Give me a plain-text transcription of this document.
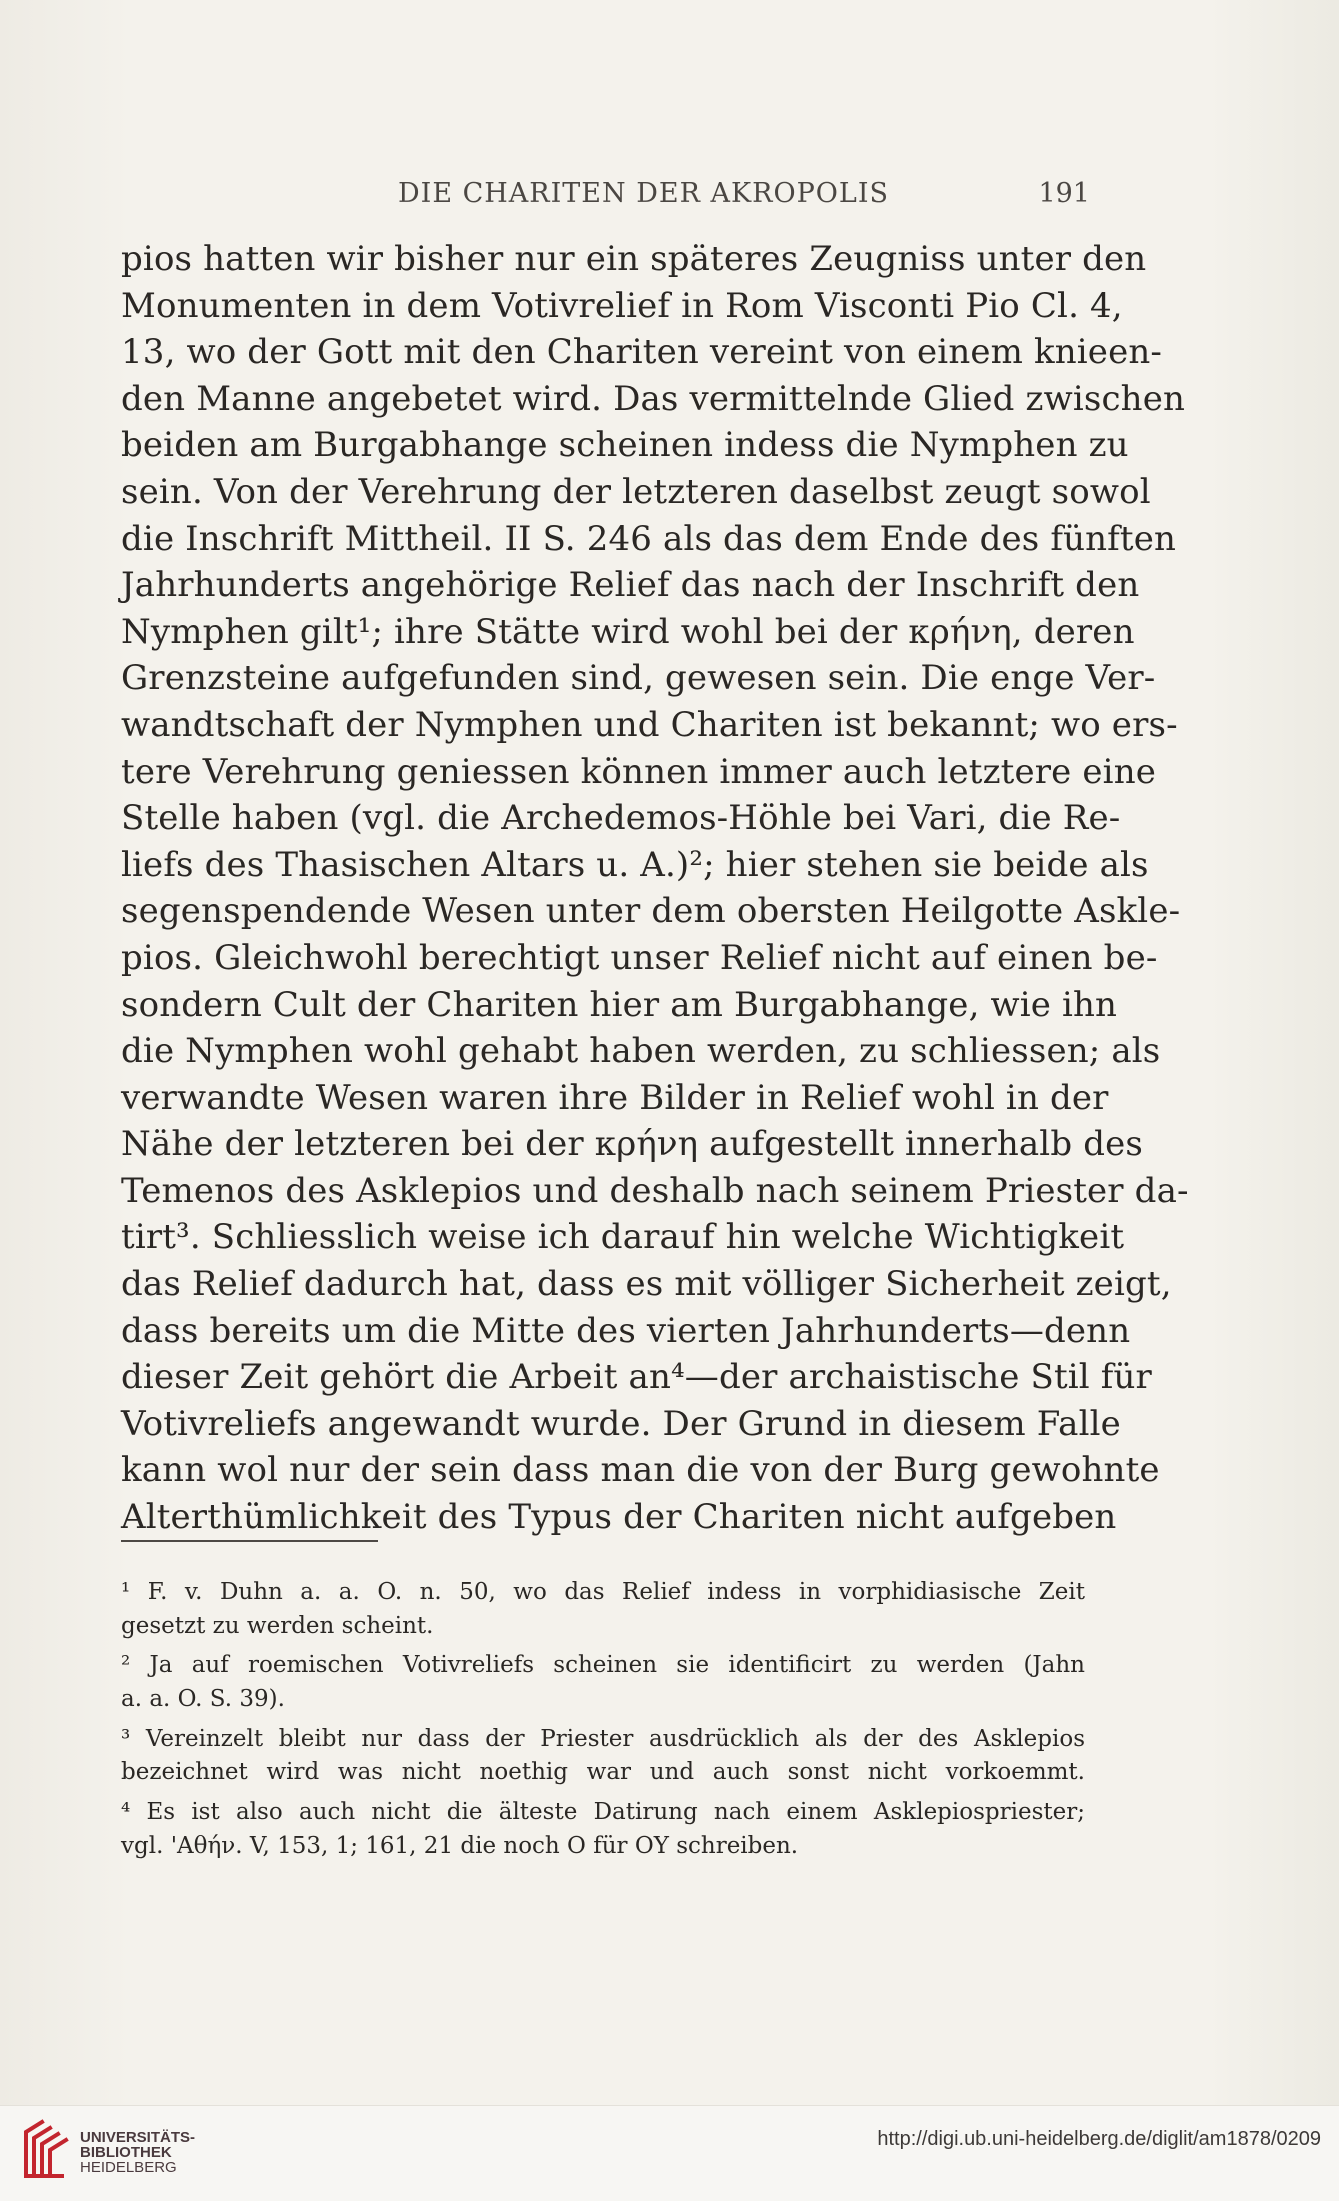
DIE CHARITEN DER AKROPOLIS	191
pios hatten wir bisher nur ein späteres Zeugniss unter den
Monumenten in dem Votivrelief in Rom Visconti Pio Cl. 4,
13, wo der Gott mit den Chariten vereint von einem knieen-
den Manne angebetet wird. Das vermittelnde Glied zwischen
beiden am Burgabhange scheinen indess die Nymphen zu
sein. Von der Verehrung der letzteren daselbst zeugt sowol
die Inschrift Mittheil. II S. 246 als das dem Ende des fünften
Jahrhunderts angehörige Relief das nach der Inschrift den
Nymphen gilt¹; ihre Stätte wird wohl bei der κρήνη, deren
Grenzsteine aufgefunden sind, gewesen sein. Die enge Ver-
wandtschaft der Nymphen und Chariten ist bekannt; wo ers-
tere Verehrung geniessen können immer auch letztere eine
Stelle haben (vgl. die Archedemos-Höhle bei Vari, die Re-
liefs des Thasischen Altars u. A.)²; hier stehen sie beide als
segenspendende Wesen unter dem obersten Heilgotte Askle-
pios. Gleichwohl berechtigt unser Relief nicht auf einen be-
sondern Cult der Chariten hier am Burgabhange, wie ihn
die Nymphen wohl gehabt haben werden, zu schliessen; als
verwandte Wesen waren ihre Bilder in Relief wohl in der
Nähe der letzteren bei der κρήνη aufgestellt innerhalb des
Temenos des Asklepios und deshalb nach seinem Priester da-
tirt³. Schliesslich weise ich darauf hin welche Wichtigkeit
das Relief dadurch hat, dass es mit völliger Sicherheit zeigt,
dass bereits um die Mitte des vierten Jahrhunderts—denn
dieser Zeit gehört die Arbeit an⁴—der archaistische Stil für
Votivreliefs angewandt wurde. Der Grund in diesem Falle
kann wol nur der sein dass man die von der Burg gewohnte
Alterthümlichkeit des Typus der Chariten nicht aufgeben
¹ F. v. Duhn a. a. O. n. 50, wo das Relief indess in vorphidiasische Zeit
gesetzt zu werden scheint.
² Ja auf roemischen Votivreliefs scheinen sie identificirt zu werden (Jahn
a. a. O. S. 39).
³ Vereinzelt bleibt nur dass der Priester ausdrücklich als der des Asklepios
bezeichnet wird was nicht noethig war und auch sonst nicht vorkoemmt.
⁴ Es ist also auch nicht die älteste Datirung nach einem Asklepiospriester;
vgl. 'Αθήν. V, 153, 1; 161, 21 die noch O für OY schreiben.
UNIVERSITÄTS-
BIBLIOTHEK
HEIDELBERG
http://digi.ub.uni-heidelberg.de/diglit/am1878/0209
